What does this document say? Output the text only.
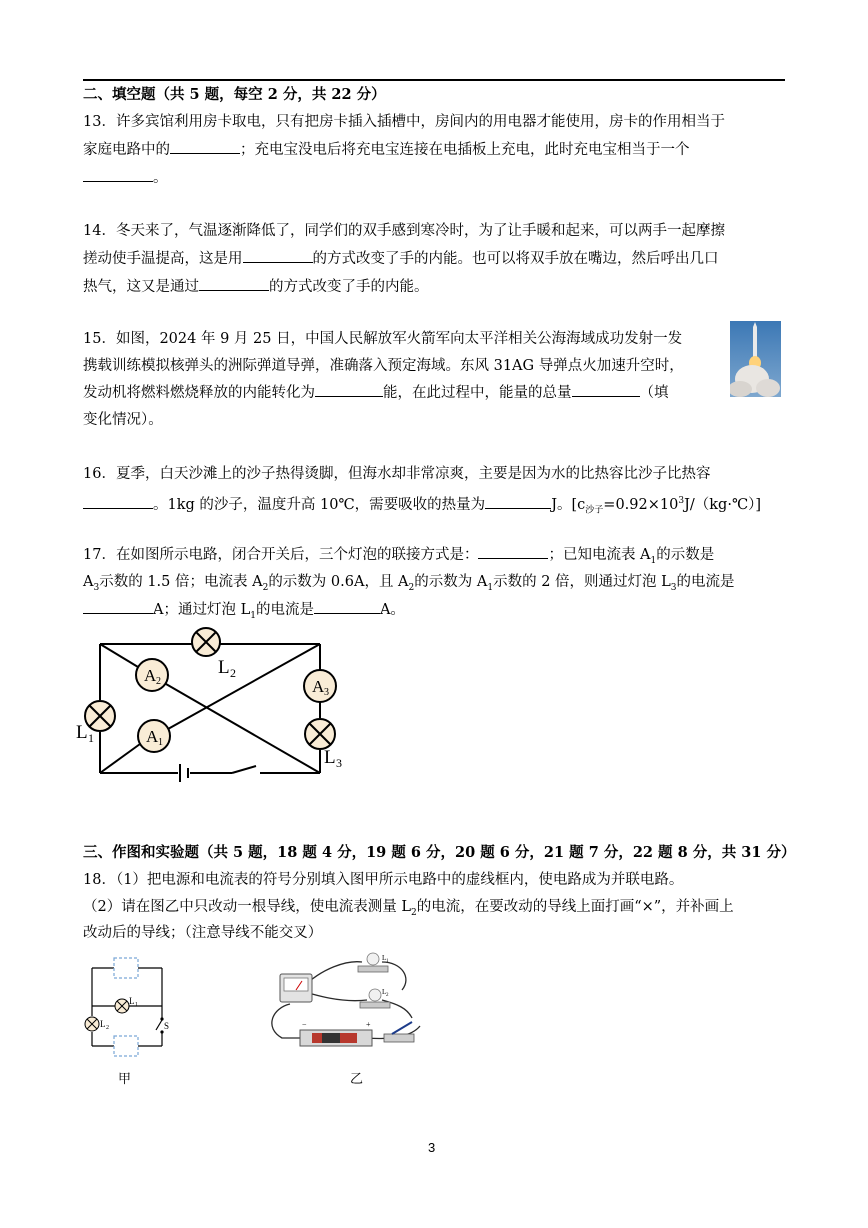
二、填空题（共 5 题，每空 2 分，共 22 分）
13．许多宾馆利用房卡取电，只有把房卡插入插槽中，房间内的用电器才能使用，房卡的作用相当于
家庭电路中的	；充电宝没电后将充电宝连接在电插板上充电，此时充电宝相当于一个
。
14．冬天来了，气温逐渐降低了，同学们的双手感到寒冷时，为了让手暖和起来，可以两手一起摩擦
搓动使手温提高，这是用	的方式改变了手的内能。也可以将双手放在嘴边，然后呼出几口
热气，这又是通过	的方式改变了手的内能。
15．如图，2024 年 9 月 25 日，中国人民解放军火箭军向太平洋相关公海海域成功发射一发
携载训练模拟核弹头的洲际弹道导弹，准确落入预定海域。东风 31AG 导弹点火加速升空时，
发动机将燃料燃烧释放的内能转化为	能，在此过程中，能量的总量	（填
变化情况）。
16．夏季，白天沙滩上的沙子热得烫脚，但海水却非常凉爽，主要是因为水的比热容比沙子比热容
。1kg 的沙子，温度升高 10℃，需要吸收的热量为	J。$[c_{沙子}=0.92\times 10^3J/(kg\cdot℃)]$
17．在如图所示电路，闭合开关后，三个灯泡的联接方式是：	；已知电流表 $A_1$的示数是
$A_3$示数的 1.5 倍；电流表 $A_2$的示数为 0.6A，且 $A_2$的示数为 $A_1$示数的 2 倍，则通过灯泡 $L_3$的电流是
A；通过灯泡 $L_1$的电流是	A。
A 2
A 1
A 3
L 2
L 1
L 3
三、作图和实验题（共 5 题，18 题 4 分，19 题 6 分，20 题 6 分，21 题 7 分，22 题 8 分，共 31 分）
18．（1）把电源和电流表的符号分别填入图甲所示电路中的虚线框内，使电路成为并联电路。
（2）请在图乙中只改动一根导线，使电流表测量 $L_2$的电流，在要改动的导线上面打画“×”，并补画上
改动后的导线；（注意导线不能交叉）
L 1
L 2	S
甲
L 1
L 2
−	+
乙
3
